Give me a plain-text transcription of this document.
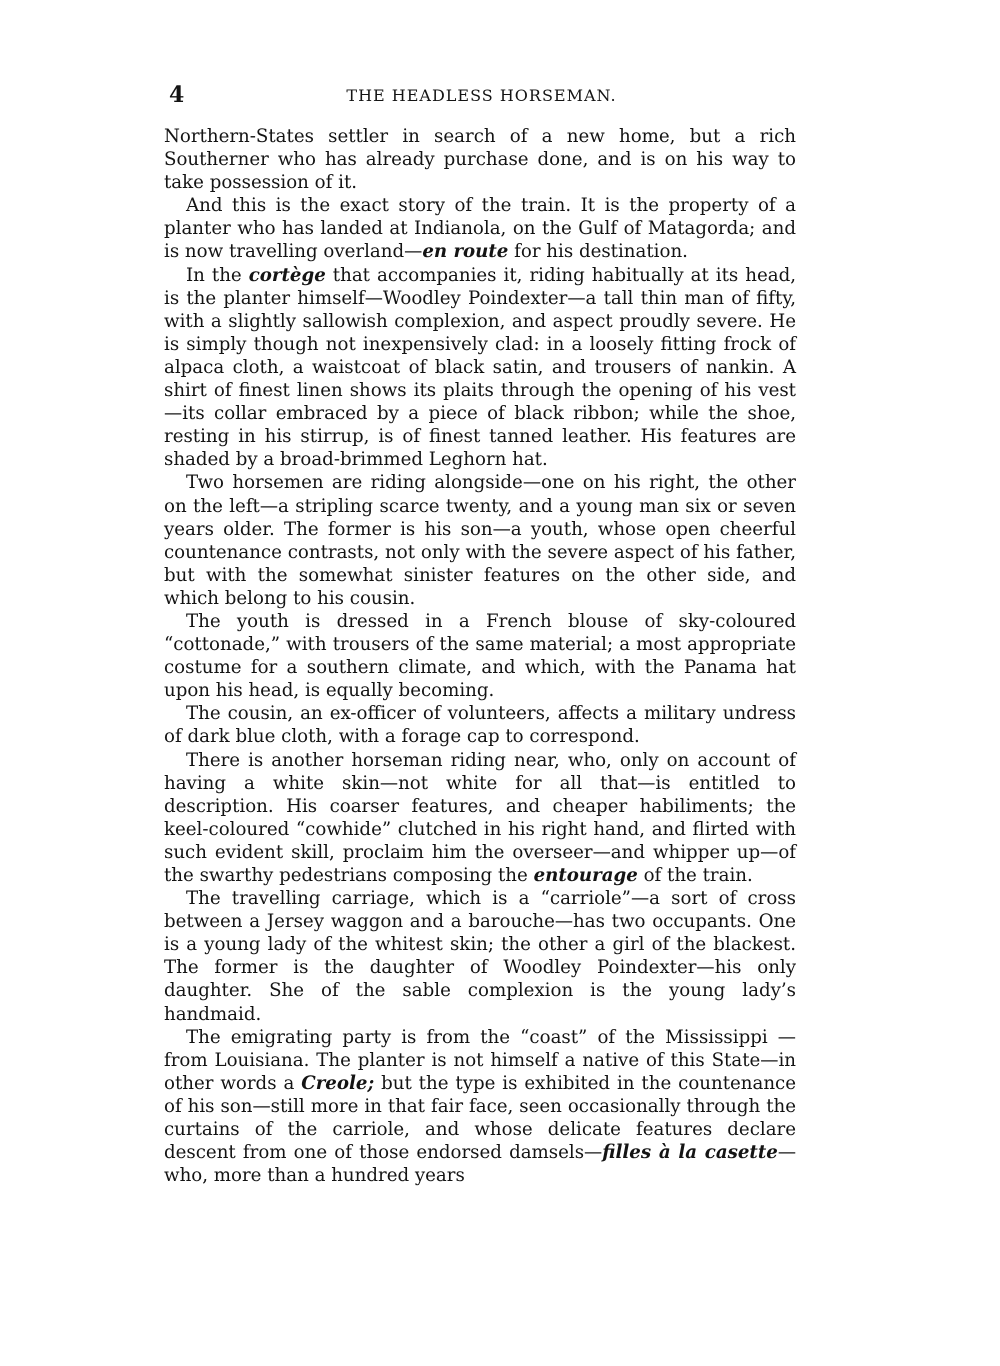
4	THE HEADLESS HORSEMAN.

Northern-States settler in search of a new home, but a rich Southerner who has already purchase done, and is on his way to take possession of it.

And this is the exact story of the train. It is the property of a planter who has landed at Indianola, on the Gulf of Matagorda; and is now travelling overland—en route for his destination.

In the cortège that accompanies it, riding habitually at its head, is the planter himself—Woodley Poindexter—a tall thin man of fifty, with a slightly sallowish complexion, and aspect proudly severe. He is simply though not inexpensively clad: in a loosely fitting frock of alpaca cloth, a waistcoat of black satin, and trousers of nankin. A shirt of finest linen shows its plaits through the opening of his vest—its collar embraced by a piece of black ribbon; while the shoe, resting in his stirrup, is of finest tanned leather. His features are shaded by a broad-brimmed Leghorn hat.

Two horsemen are riding alongside—one on his right, the other on the left—a stripling scarce twenty, and a young man six or seven years older. The former is his son—a youth, whose open cheerful countenance contrasts, not only with the severe aspect of his father, but with the somewhat sinister features on the other side, and which belong to his cousin.

The youth is dressed in a French blouse of sky-coloured “cottonade,” with trousers of the same material; a most appropriate costume for a southern climate, and which, with the Panama hat upon his head, is equally becoming.

The cousin, an ex-officer of volunteers, affects a military undress of dark blue cloth, with a forage cap to correspond.

There is another horseman riding near, who, only on account of having a white skin—not white for all that—is entitled to description. His coarser features, and cheaper habiliments; the keel-coloured “cowhide” clutched in his right hand, and flirted with such evident skill, proclaim him the overseer—and whipper up—of the swarthy pedestrians composing the entourage of the train.

The travelling carriage, which is a “carriole”—a sort of cross between a Jersey waggon and a barouche—has two occupants. One is a young lady of the whitest skin; the other a girl of the blackest. The former is the daughter of Woodley Poindexter—his only daughter. She of the sable complexion is the young lady’s handmaid.

The emigrating party is from the “coast” of the Mississippi —from Louisiana. The planter is not himself a native of this State—in other words a Creole; but the type is exhibited in the countenance of his son—still more in that fair face, seen occasionally through the curtains of the carriole, and whose delicate features declare descent from one of those endorsed damsels—filles à la casette—who, more than a hundred years
